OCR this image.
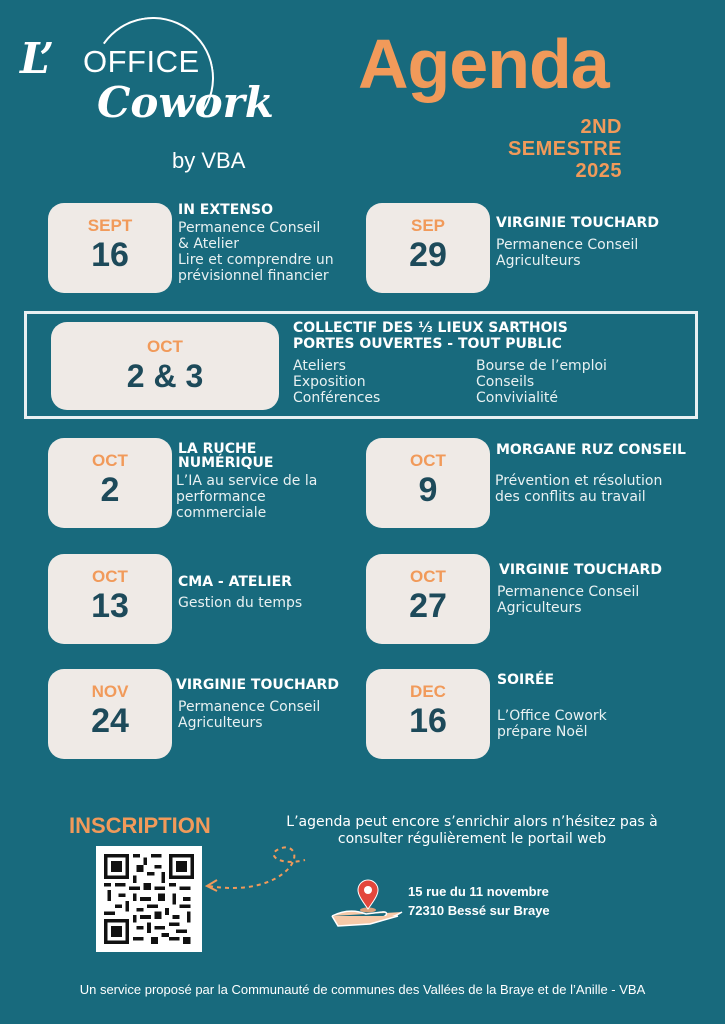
L’ OFFICE
Cowork
by VBA
Agenda
2ND
SEMESTRE
2025
SEPT
16
IN EXTENSO
Permanence Conseil
& Atelier
Lire et comprendre un
prévisionnel financier
SEP
29
VIRGINIE TOUCHARD
Permanence Conseil
Agriculteurs
OCT
2 & 3
COLLECTIF DES ⅓ LIEUX SARTHOIS
PORTES OUVERTES - TOUT PUBLIC
Ateliers
Exposition
Conférences
Bourse de l’emploi
Conseils
Convivialité
OCT
2
LA RUCHE
NUMÉRIQUE
L’IA au service de la
performance
commerciale
OCT
9
MORGANE RUZ CONSEIL
Prévention et résolution
des conflits au travail
OCT
13
CMA - ATELIER
Gestion du temps
OCT
27
VIRGINIE TOUCHARD
Permanence Conseil
Agriculteurs
NOV
24
VIRGINIE TOUCHARD
Permanence Conseil
Agriculteurs
DEC
16
SOIRÉE
L’Office Cowork
prépare Noël
INSCRIPTION	L’agenda peut encore s’enrichir alors n’hésitez pas à
consulter régulièrement le portail web
15 rue du 11 novembre
72310 Bessé sur Braye
Un service proposé par la Communauté de communes des Vallées de la Braye et de l’Anille - VBA
